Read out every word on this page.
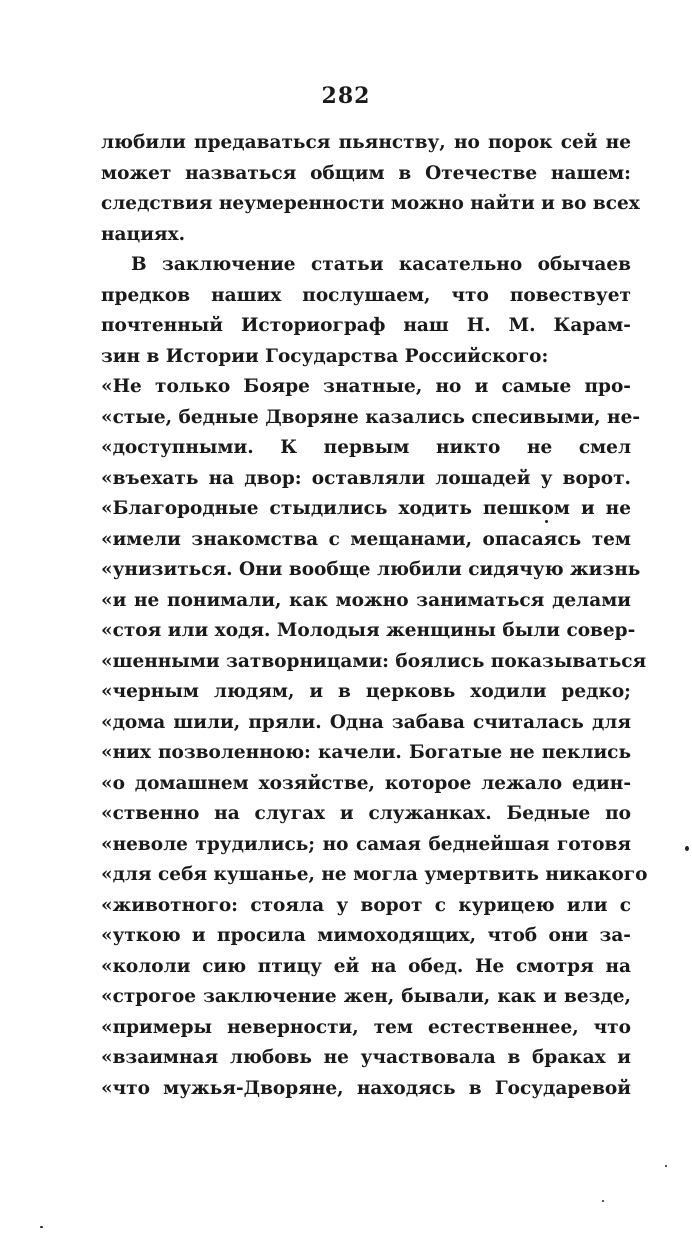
282
любили предаваться пьянству, но порок сей не
может назваться общим в Отечестве нашем:
следствия неумеренности можно найти и во всех
нациях.
В заключение статьи касательно обычаев
предков наших послушаем, что повествует
почтенный Историограф наш Н. М. Карам-
зин в Истории Государства Российского:
«Не только Бояре знатные, но и самые про-
«стые, бедные Дворяне казались спесивыми, не-
«доступными. К первым никто не смел
«въехать на двор: оставляли лошадей у ворот.
«Благородные стыдились ходить пешком и не
«имели знакомства с мещанами, опасаясь тем
«унизиться. Они вообще любили сидячую жизнь
«и не понимали, как можно заниматься делами
«стоя или ходя. Молодыя женщины были совер-
«шенными затворницами: боялись показываться
«черным людям, и в церковь ходили редко;
«дома шили, пряли. Одна забава считалась для
«них позволенною: качели. Богатые не пеклись
«о домашнем хозяйстве, которое лежало един-
«ственно на слугах и служанках. Бедные по
«неволе трудились; но самая беднейшая готовя
«для себя кушанье, не могла умертвить никакого
«животного: стояла у ворот с курицею или с
«уткою и просила мимоходящих, чтоб они за-
«кололи сию птицу ей на обед. Не смотря на
«строгое заключение жен, бывали, как и везде,
«примеры неверности, тем естественнее, что
«взаимная любовь не участвовала в браках и
«что мужья-Дворяне, находясь в Государевой
